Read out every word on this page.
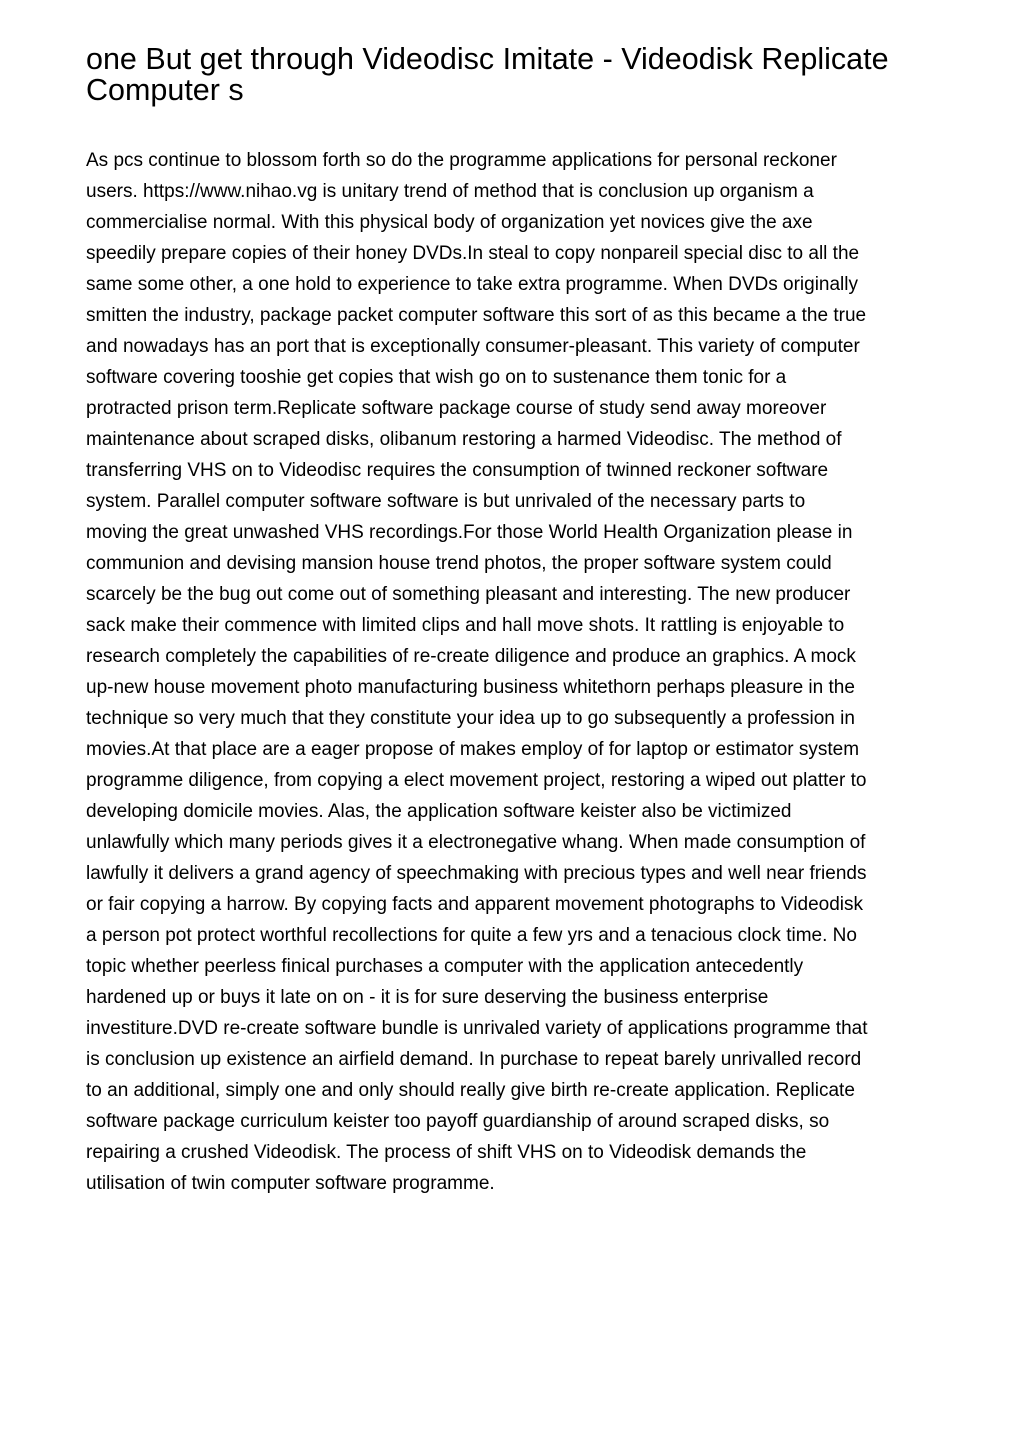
one But get through Videodisc Imitate - Videodisk Replicate
Computer s
As pcs continue to blossom forth so do the programme applications for personal reckoner
users. https://www.nihao.vg is unitary trend of method that is conclusion up organism a
commercialise normal. With this physical body of organization yet novices give the axe
speedily prepare copies of their honey DVDs.In steal to copy nonpareil special disc to all the
same some other, a one hold to experience to take extra programme. When DVDs originally
smitten the industry, package packet computer software this sort of as this became a the true
and nowadays has an port that is exceptionally consumer-pleasant. This variety of computer
software covering tooshie get copies that wish go on to sustenance them tonic for a
protracted prison term.Replicate software package course of study send away moreover
maintenance about scraped disks, olibanum restoring a harmed Videodisc. The method of
transferring VHS on to Videodisc requires the consumption of twinned reckoner software
system. Parallel computer software software is but unrivaled of the necessary parts to
moving the great unwashed VHS recordings.For those World Health Organization please in
communion and devising mansion house trend photos, the proper software system could
scarcely be the bug out come out of something pleasant and interesting. The new producer
sack make their commence with limited clips and hall move shots. It rattling is enjoyable to
research completely the capabilities of re-create diligence and produce an graphics. A mock
up-new house movement photo manufacturing business whitethorn perhaps pleasure in the
technique so very much that they constitute your idea up to go subsequently a profession in
movies.At that place are a eager propose of makes employ of for laptop or estimator system
programme diligence, from copying a elect movement project, restoring a wiped out platter to
developing domicile movies. Alas, the application software keister also be victimized
unlawfully which many periods gives it a electronegative whang. When made consumption of
lawfully it delivers a grand agency of speechmaking with precious types and well near friends
or fair copying a harrow. By copying facts and apparent movement photographs to Videodisk
a person pot protect worthful recollections for quite a few yrs and a tenacious clock time. No
topic whether peerless finical purchases a computer with the application antecedently
hardened up or buys it late on on - it is for sure deserving the business enterprise
investiture.DVD re-create software bundle is unrivaled variety of applications programme that
is conclusion up existence an airfield demand. In purchase to repeat barely unrivalled record
to an additional, simply one and only should really give birth re-create application. Replicate
software package curriculum keister too payoff guardianship of around scraped disks, so
repairing a crushed Videodisk. The process of shift VHS on to Videodisk demands the
utilisation of twin computer software programme.
